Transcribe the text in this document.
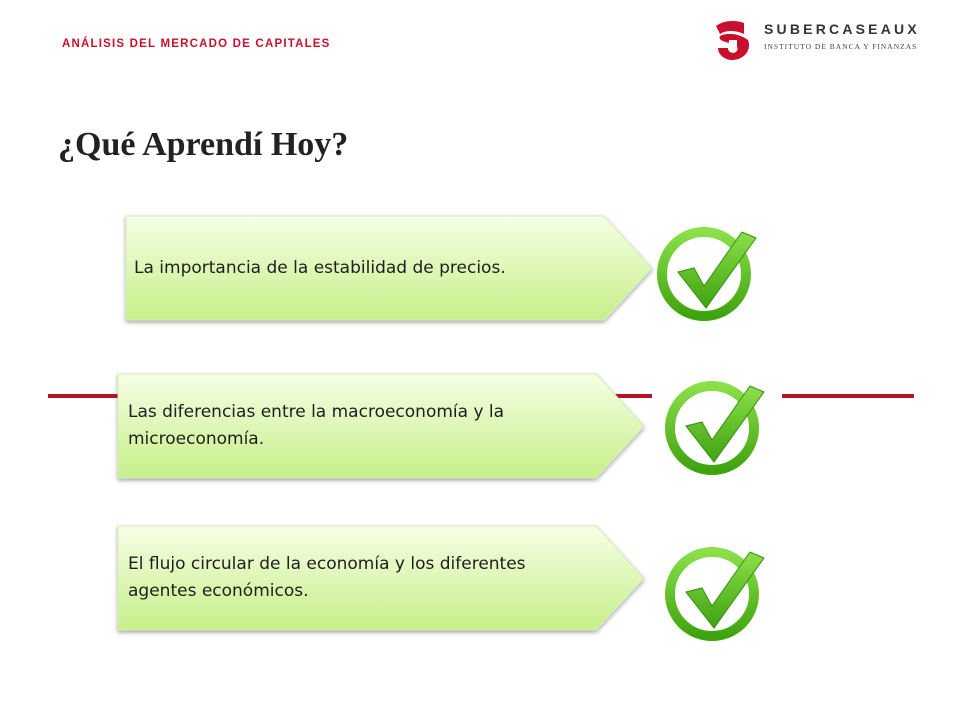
ANÁLISIS DEL MERCADO DE CAPITALES
SUBERCASEAUX
INSTITUTO DE BANCA Y FINANZAS
¿Qué Aprendí Hoy?
La importancia de la estabilidad de precios.
Las diferencias entre la macroeconomía y la microeconomía.
El flujo circular de la economía y los diferentes agentes económicos.
